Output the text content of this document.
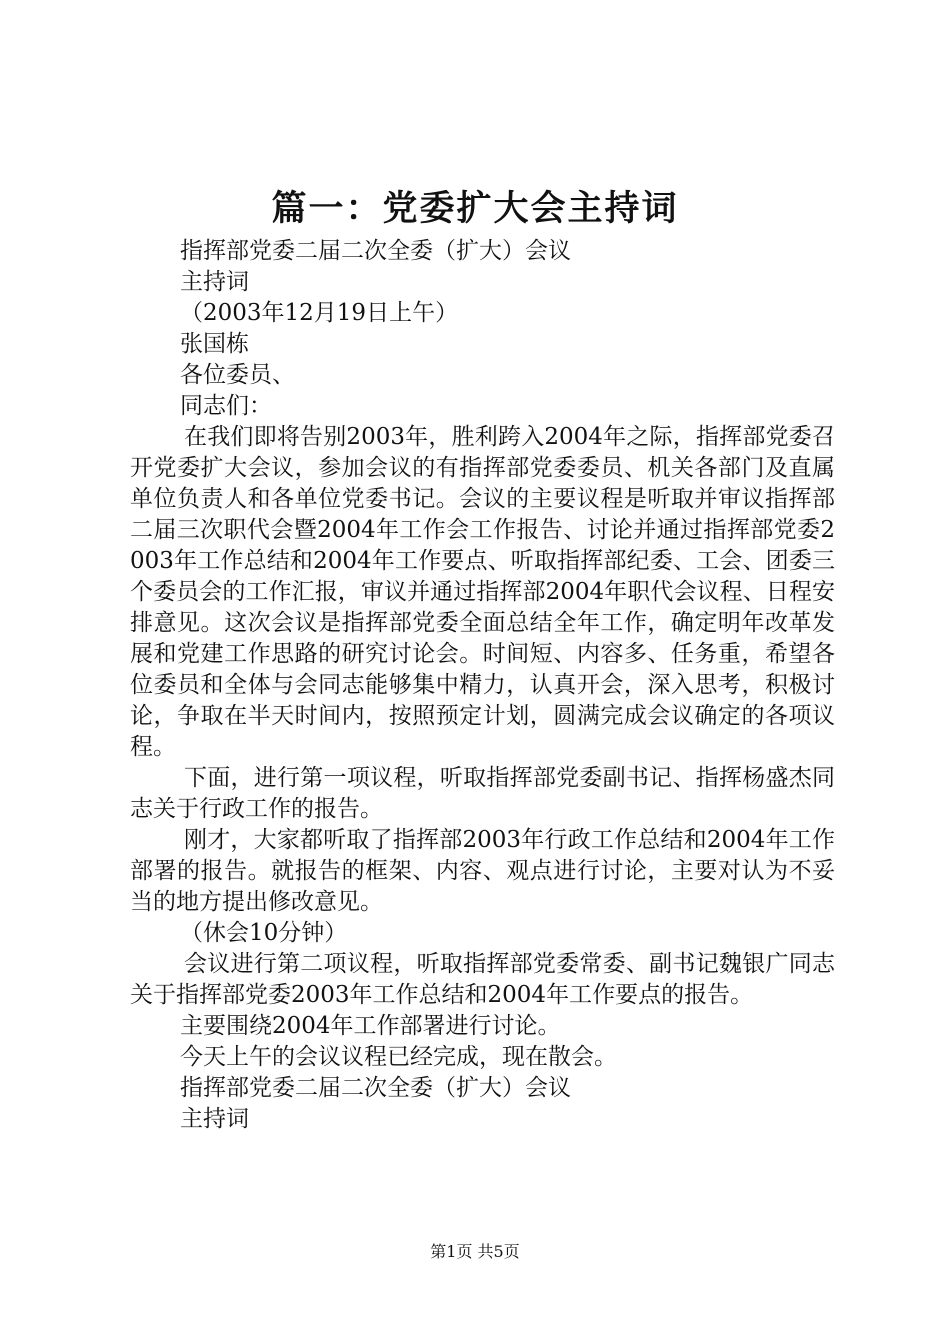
篇一：党委扩大会主持词

指挥部党委二届二次全委（扩大）会议

主持词

（2003年12月19日上午）

张国栋

各位委员、

同志们：

在我们即将告别2003年，胜利跨入2004年之际，指挥部党委召开党委扩大会议，参加会议的有指挥部党委委员、机关各部门及直属单位负责人和各单位党委书记。会议的主要议程是听取并审议指挥部二届三次职代会暨2004年工作会工作报告、讨论并通过指挥部党委2003年工作总结和2004年工作要点、听取指挥部纪委、工会、团委三个委员会的工作汇报，审议并通过指挥部2004年职代会议程、日程安排意见。这次会议是指挥部党委全面总结全年工作，确定明年改革发展和党建工作思路的研究讨论会。时间短、内容多、任务重，希望各位委员和全体与会同志能够集中精力，认真开会，深入思考，积极讨论，争取在半天时间内，按照预定计划，圆满完成会议确定的各项议程。

下面，进行第一项议程，听取指挥部党委副书记、指挥杨盛杰同志关于行政工作的报告。

刚才，大家都听取了指挥部2003年行政工作总结和2004年工作部署的报告。就报告的框架、内容、观点进行讨论，主要对认为不妥当的地方提出修改意见。

（休会10分钟）

会议进行第二项议程，听取指挥部党委常委、副书记魏银广同志关于指挥部党委2003年工作总结和2004年工作要点的报告。

主要围绕2004年工作部署进行讨论。

今天上午的会议议程已经完成，现在散会。

指挥部党委二届二次全委（扩大）会议

主持词

第1页 共5页
